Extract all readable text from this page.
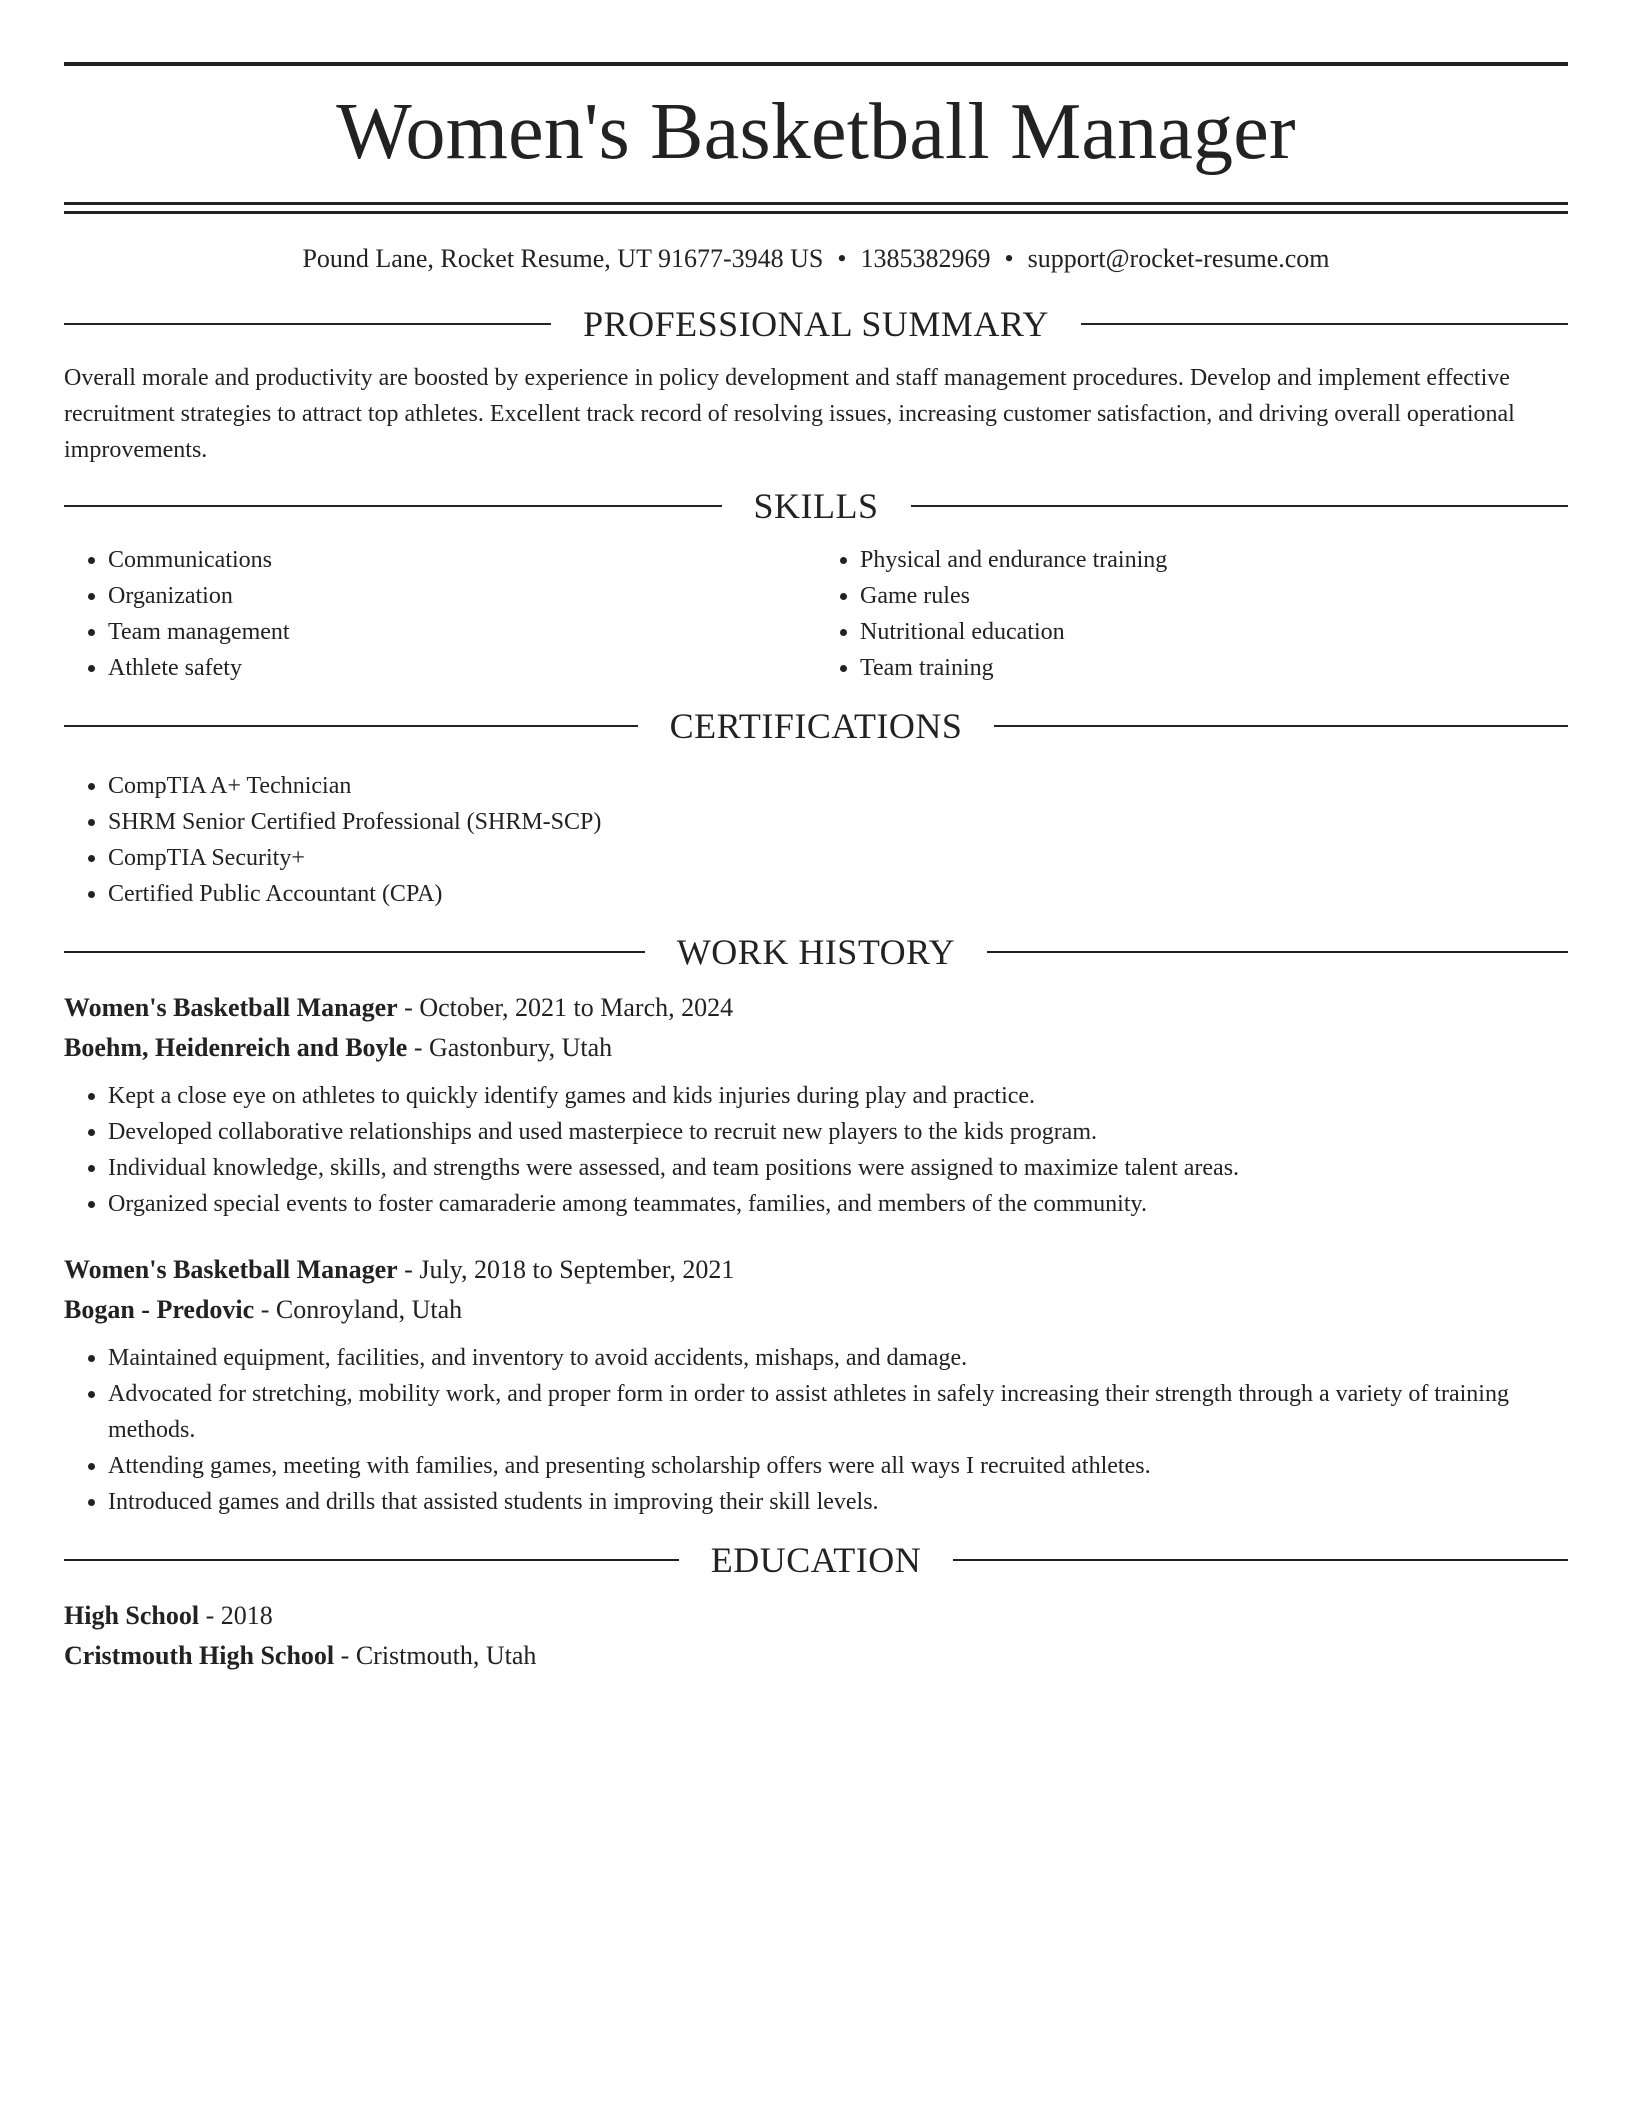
Women's Basketball Manager
Pound Lane, Rocket Resume, UT 91677-3948 US • 1385382969 • support@rocket-resume.com
PROFESSIONAL SUMMARY

Overall morale and productivity are boosted by experience in policy development and staff management procedures. Develop and implement effective recruitment strategies to attract top athletes. Excellent track record of resolving issues, increasing customer satisfaction, and driving overall operational improvements.

SKILLS
• Communications
• Organization
• Team management
• Athlete safety
• Physical and endurance training
• Game rules
• Nutritional education
• Team training
CERTIFICATIONS
• CompTIA A+ Technician
• SHRM Senior Certified Professional (SHRM-SCP)
• CompTIA Security+
• Certified Public Accountant (CPA)
WORK HISTORY
Women's Basketball Manager - October, 2021 to March, 2024
Boehm, Heidenreich and Boyle - Gastonbury, Utah
• Kept a close eye on athletes to quickly identify games and kids injuries during play and practice.
• Developed collaborative relationships and used masterpiece to recruit new players to the kids program.
• Individual knowledge, skills, and strengths were assessed, and team positions were assigned to maximize talent areas.
• Organized special events to foster camaraderie among teammates, families, and members of the community.
Women's Basketball Manager - July, 2018 to September, 2021
Bogan - Predovic - Conroyland, Utah
• Maintained equipment, facilities, and inventory to avoid accidents, mishaps, and damage.
• Advocated for stretching, mobility work, and proper form in order to assist athletes in safely increasing their strength through a variety of training methods.
• Attending games, meeting with families, and presenting scholarship offers were all ways I recruited athletes.
• Introduced games and drills that assisted students in improving their skill levels.
EDUCATION
High School - 2018
Cristmouth High School - Cristmouth, Utah
